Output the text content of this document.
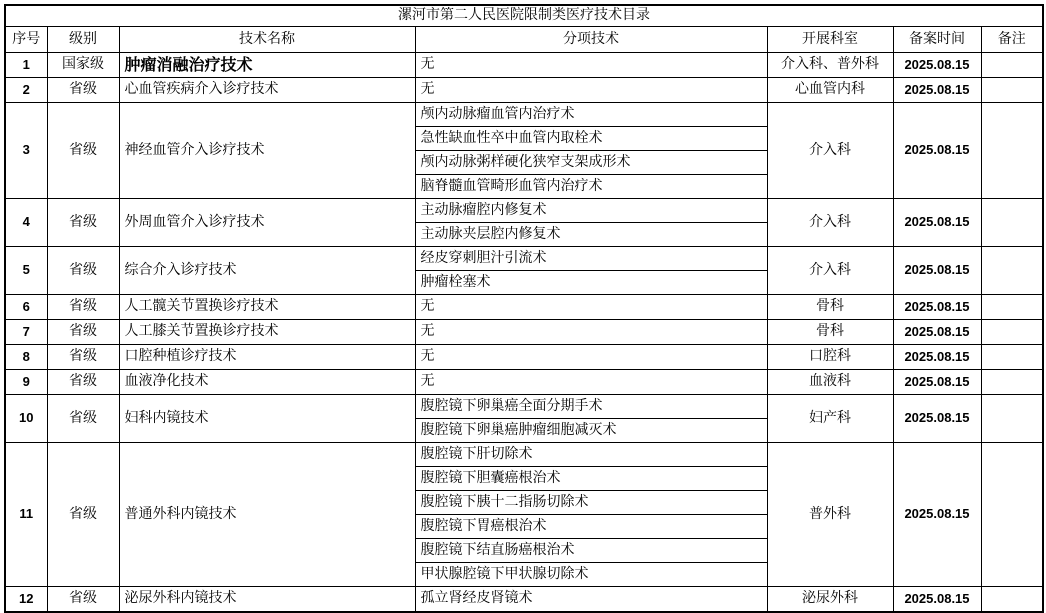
漯河市第二人民医院限制类医疗技术目录						
序号	级别	技术名称	分项技术	开展科室	备案时间	备注
1	国家级	肿瘤消融治疗技术	无	介入科、普外科	2025.08.15	
2	省级	心血管疾病介入诊疗技术	无	心血管内科	2025.08.15	
3	省级	神经血管介入诊疗技术	颅内动脉瘤血管内治疗术	介入科	2025.08.15	
			急性缺血性卒中血管内取栓术			
			颅内动脉粥样硬化狭窄支架成形术			
			脑脊髓血管畸形血管内治疗术			
4	省级	外周血管介入诊疗技术	主动脉瘤腔内修复术	介入科	2025.08.15	
			主动脉夹层腔内修复术			
5	省级	综合介入诊疗技术	经皮穿刺胆汁引流术	介入科	2025.08.15	
			肿瘤栓塞术			
6	省级	人工髋关节置换诊疗技术	无	骨科	2025.08.15	
7	省级	人工膝关节置换诊疗技术	无	骨科	2025.08.15	
8	省级	口腔种植诊疗技术	无	口腔科	2025.08.15	
9	省级	血液净化技术	无	血液科	2025.08.15	
10	省级	妇科内镜技术	腹腔镜下卵巢癌全面分期手术	妇产科	2025.08.15	
			腹腔镜下卵巢癌肿瘤细胞减灭术			
11	省级	普通外科内镜技术	腹腔镜下肝切除术	普外科	2025.08.15	
			腹腔镜下胆囊癌根治术			
			腹腔镜下胰十二指肠切除术			
			腹腔镜下胃癌根治术			
			腹腔镜下结直肠癌根治术			
			甲状腺腔镜下甲状腺切除术			
12	省级	泌尿外科内镜技术	孤立肾经皮肾镜术	泌尿外科	2025.08.15	
